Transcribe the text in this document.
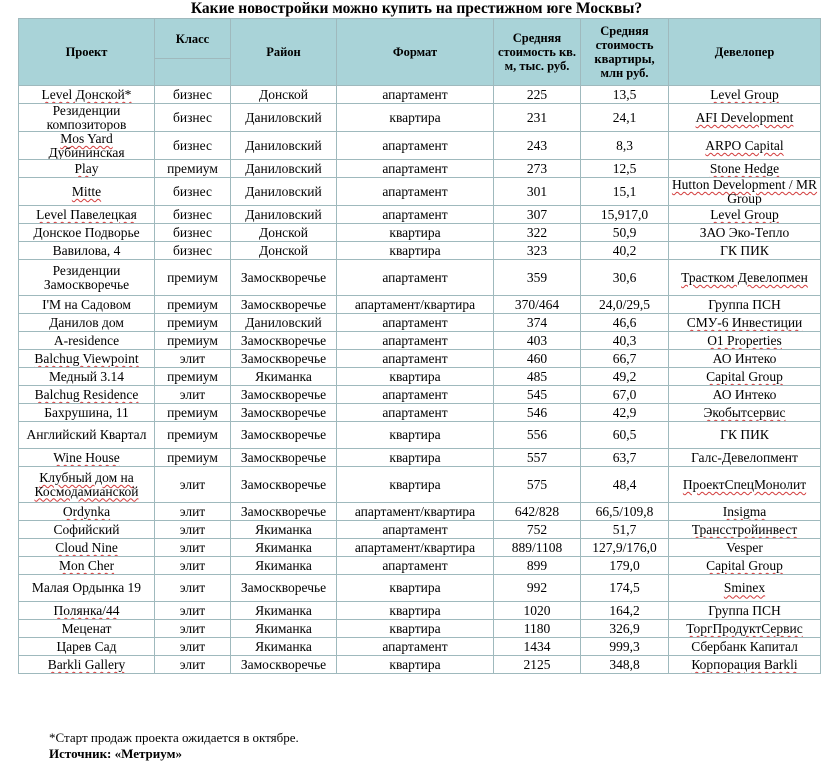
Какие новостройки можно купить на престижном юге Москвы?
Проект	Класс	Район	Формат	Средняя стоимость кв. м, тыс. руб.	Средняя стоимость квартиры, млн руб.	Девелопер

Level Донской*	бизнес	Донской	апартамент	225	13,5	Level Group
Резиденции композиторов	бизнес	Даниловский	квартира	231	24,1	AFI Development
Mos Yard Дубининская	бизнес	Даниловский	апартамент	243	8,3	ARPO Capital
Play	премиум	Даниловский	апартамент	273	12,5	Stone Hedge
Mitte	бизнес	Даниловский	апартамент	301	15,1	Hutton Development / MR Group
Level Павелецкая	бизнес	Даниловский	апартамент	307	15,917,0	Level Group
Донское Подворье	бизнес	Донской	квартира	322	50,9	ЗАО Эко-Тепло
Вавилова, 4	бизнес	Донской	квартира	323	40,2	ГК ПИК
Резиденции Замоскворечье	премиум	Замоскворечье	апартамент	359	30,6	Трастком Девелопмен
I'M на Садовом	премиум	Замоскворечье	апартамент/квартира	370/464	24,0/29,5	Группа ПСН
Данилов дом	премиум	Даниловский	апартамент	374	46,6	СМУ-6 Инвестиции
A-residence	премиум	Замоскворечье	апартамент	403	40,3	O1 Properties
Balchug Viewpoint	элит	Замоскворечье	апартамент	460	66,7	АО Интеко
Медный 3.14	премиум	Якиманка	квартира	485	49,2	Capital Group
Balchug Residence	элит	Замоскворечье	апартамент	545	67,0	АО Интеко
Бахрушина, 11	премиум	Замоскворечье	апартамент	546	42,9	Экобытсервис
Английский Квартал	премиум	Замоскворечье	квартира	556	60,5	ГК ПИК
Wine House	премиум	Замоскворечье	квартира	557	63,7	Галс-Девелопмент
Клубный дом на Космодамианской	элит	Замоскворечье	квартира	575	48,4	ПроектСпецМонолит
Ordynka	элит	Замоскворечье	апартамент/квартира	642/828	66,5/109,8	Insigma
Софийский	элит	Якиманка	апартамент	752	51,7	Трансстройинвест
Cloud Nine	элит	Якиманка	апартамент/квартира	889/1108	127,9/176,0	Vesper
Mon Cher	элит	Якиманка	апартамент	899	179,0	Capital Group
Малая Ордынка 19	элит	Замоскворечье	квартира	992	174,5	Sminex
Полянка/44	элит	Якиманка	квартира	1020	164,2	Группа ПСН
Меценат	элит	Якиманка	квартира	1180	326,9	ТоргПродуктСервис
Царев Сад	элит	Якиманка	апартамент	1434	999,3	Сбербанк Капитал
Barkli Gallery	элит	Замоскворечье	квартира	2125	348,8	Корпорация Barkli
*Старт продаж проекта ожидается в октябре.
Источник: «Метриум»
